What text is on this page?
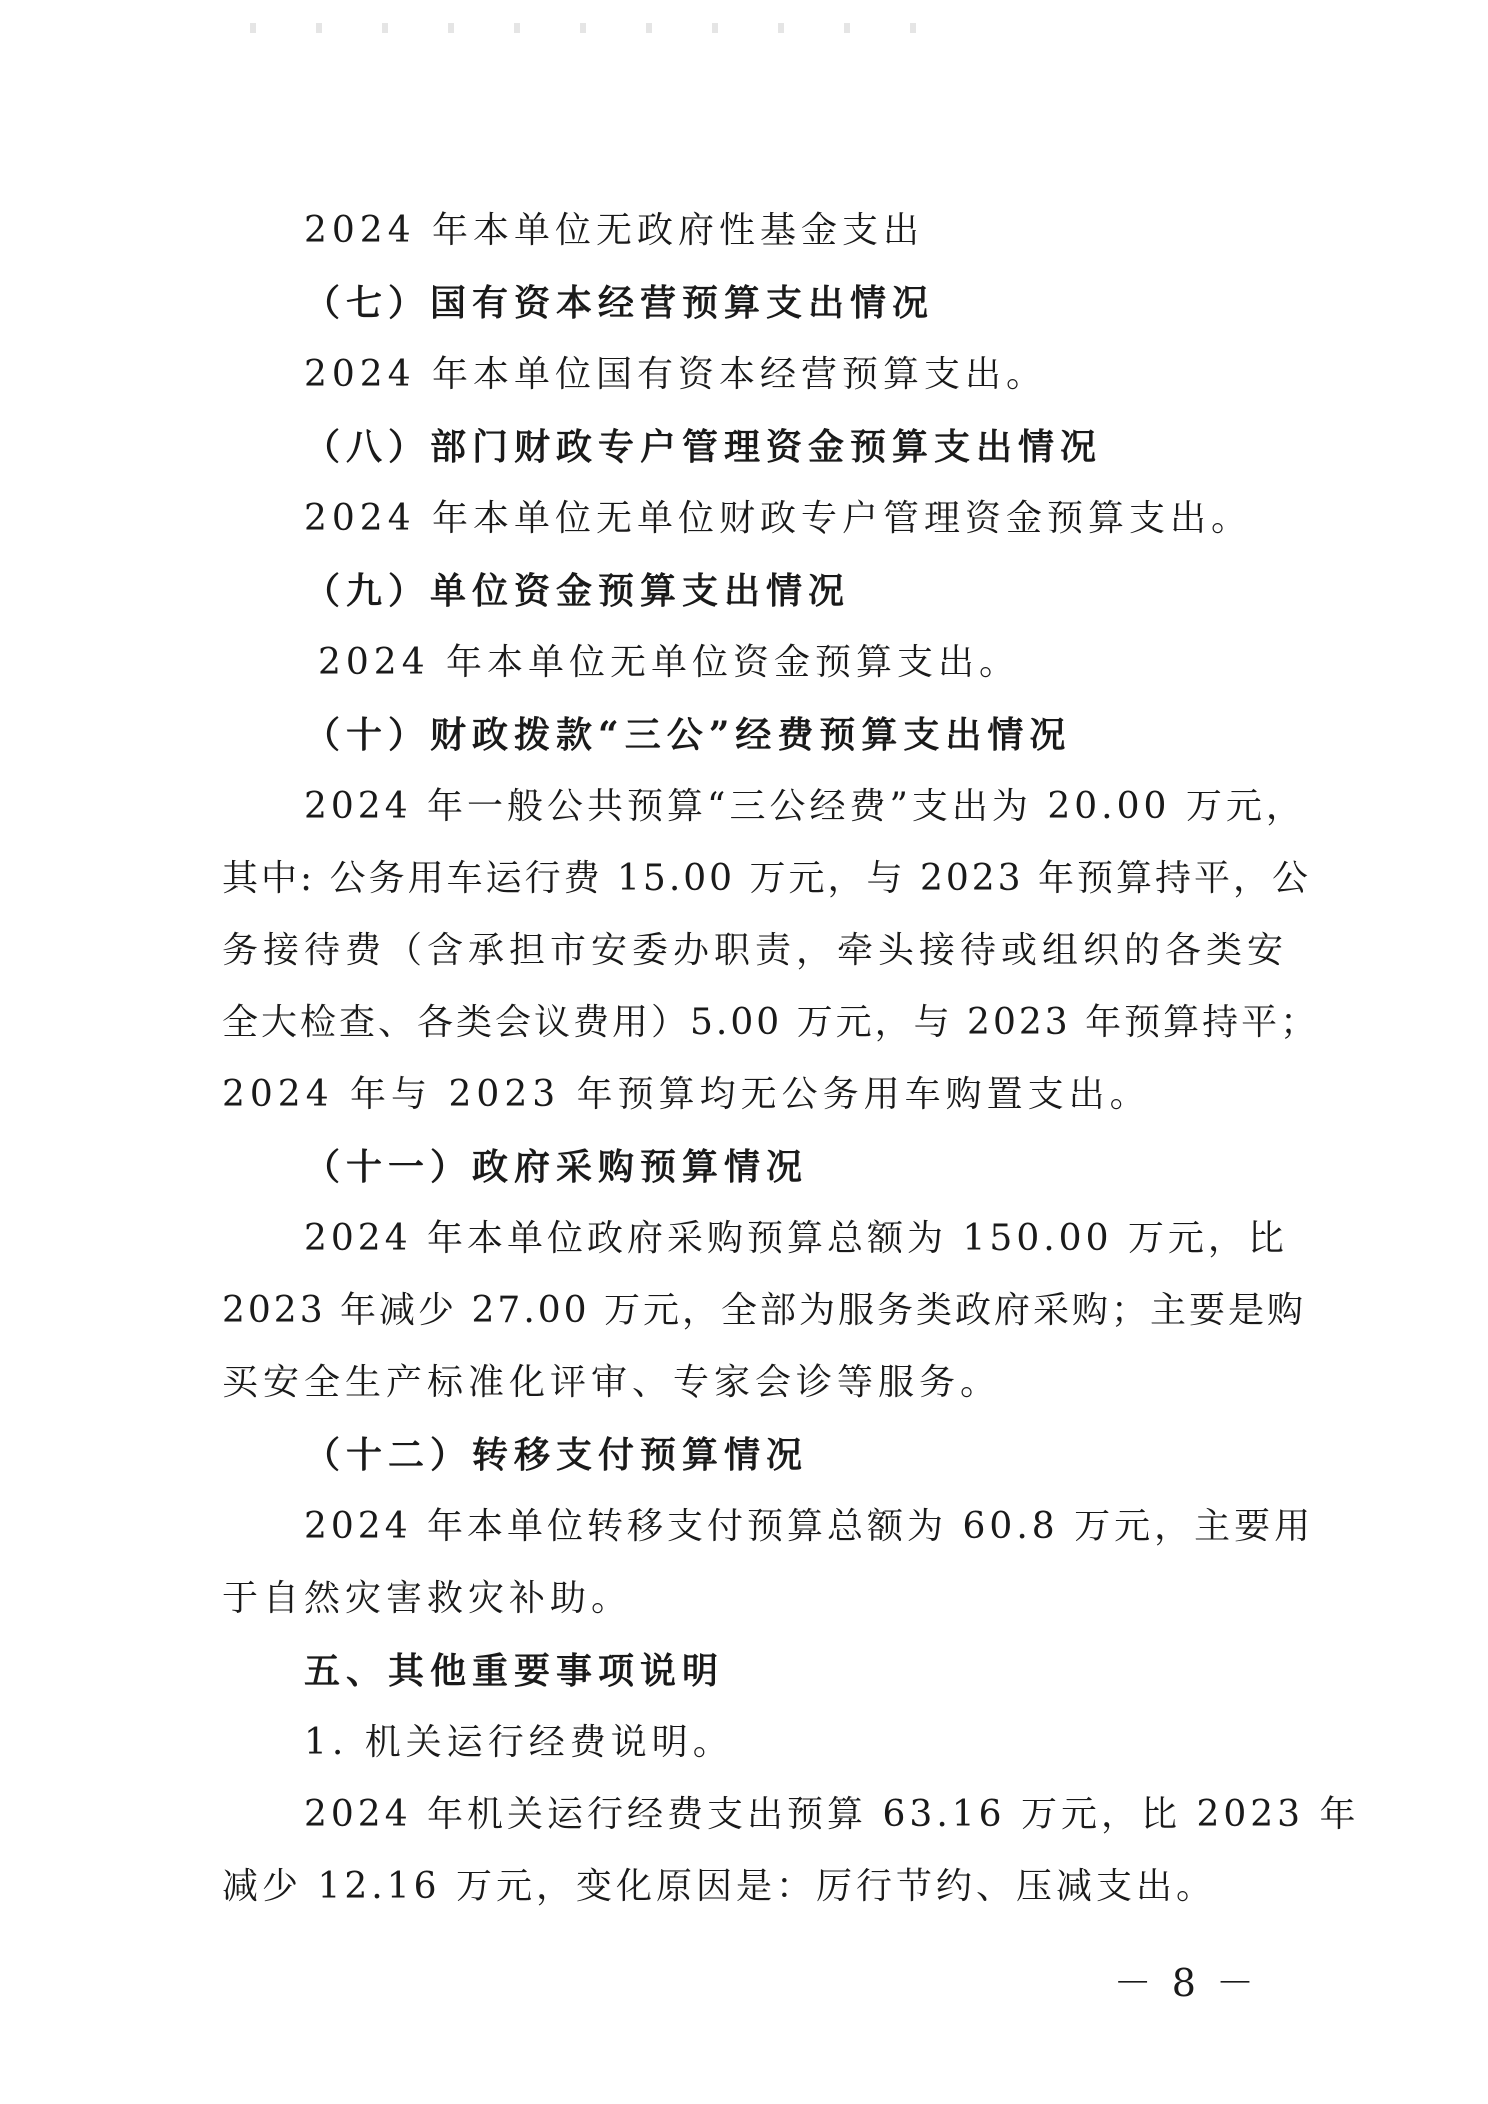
2024 年本单位无政府性基金支出
（七）国有资本经营预算支出情况
2024 年本单位国有资本经营预算支出。
（八）部门财政专户管理资金预算支出情况
2024 年本单位无单位财政专户管理资金预算支出。
（九）单位资金预算支出情况
2024 年本单位无单位资金预算支出。
（十）财政拨款“三公”经费预算支出情况
2024 年一般公共预算“三公经费”支出为 20.00 万元，
其中: 公务用车运行费 15.00 万元，与 2023 年预算持平，公
务接待费（含承担市安委办职责，牵头接待或组织的各类安
全大检查、各类会议费用）5.00 万元，与 2023 年预算持平；
2024 年与 2023 年预算均无公务用车购置支出。
（十一）政府采购预算情况
2024 年本单位政府采购预算总额为 150.00 万元，比
2023 年减少 27.00 万元，全部为服务类政府采购；主要是购
买安全生产标准化评审、专家会诊等服务。
（十二）转移支付预算情况
2024 年本单位转移支付预算总额为 60.8 万元，主要用
于自然灾害救灾补助。
五、其他重要事项说明
1. 机关运行经费说明。
2024 年机关运行经费支出预算 63.16 万元，比 2023 年
减少 12.16 万元，变化原因是：厉行节约、压减支出。
－ 8 －
